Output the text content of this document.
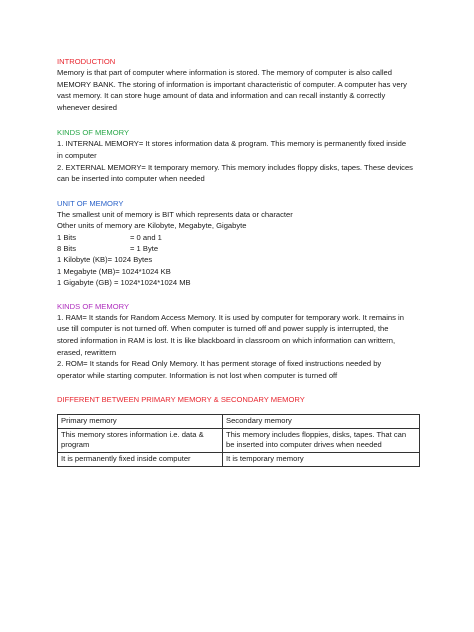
INTRODUCTION

Memory is that part of computer where information is stored. The memory of computer is also called

MEMORY BANK. The storing of information is important characteristic of computer. A computer has very

vast memory. It can store huge amount of data and information and can recall instantly & correctly

whenever desired

KINDS OF MEMORY

1. INTERNAL MEMORY= It stores information data & program. This memory is permanently fixed inside

in computer

2. EXTERNAL MEMORY= It temporary memory. This memory includes floppy disks, tapes. These devices

can be inserted into computer when needed

UNIT OF MEMORY

The smallest unit of memory is BIT which represents data or character

Other units of memory are Kilobyte, Megabyte, Gigabyte

1 Bits	= 0 and 1
8 Bits	= 1 Byte
1 Kilobyte (KB)= 1024 Bytes
1 Megabyte (MB)= 1024*1024 KB
1 Gigabyte (GB) = 1024*1024*1024 MB
KINDS OF MEMORY

1. RAM= It stands for Random Access Memory. It is used by computer for temporary work. It remains in

use till computer is not turned off. When computer is turned off and power supply is interrupted, the

stored information in RAM is lost. It is like blackboard in classroom on which information can writtern,

erased, rewrittern

2. ROM= It stands for Read Only Memory. It has perment storage of fixed instructions needed by

operator while starting computer. Information is not lost when computer is turned off

DIFFERENT BETWEEN PRIMARY MEMORY & SECONDARY MEMORY
Primary memory	Secondary memory
This memory stores information i.e. data & program	This memory includes floppies, disks, tapes. That can be inserted into computer drives when needed
It is permanently fixed inside computer	It is temporary memory
